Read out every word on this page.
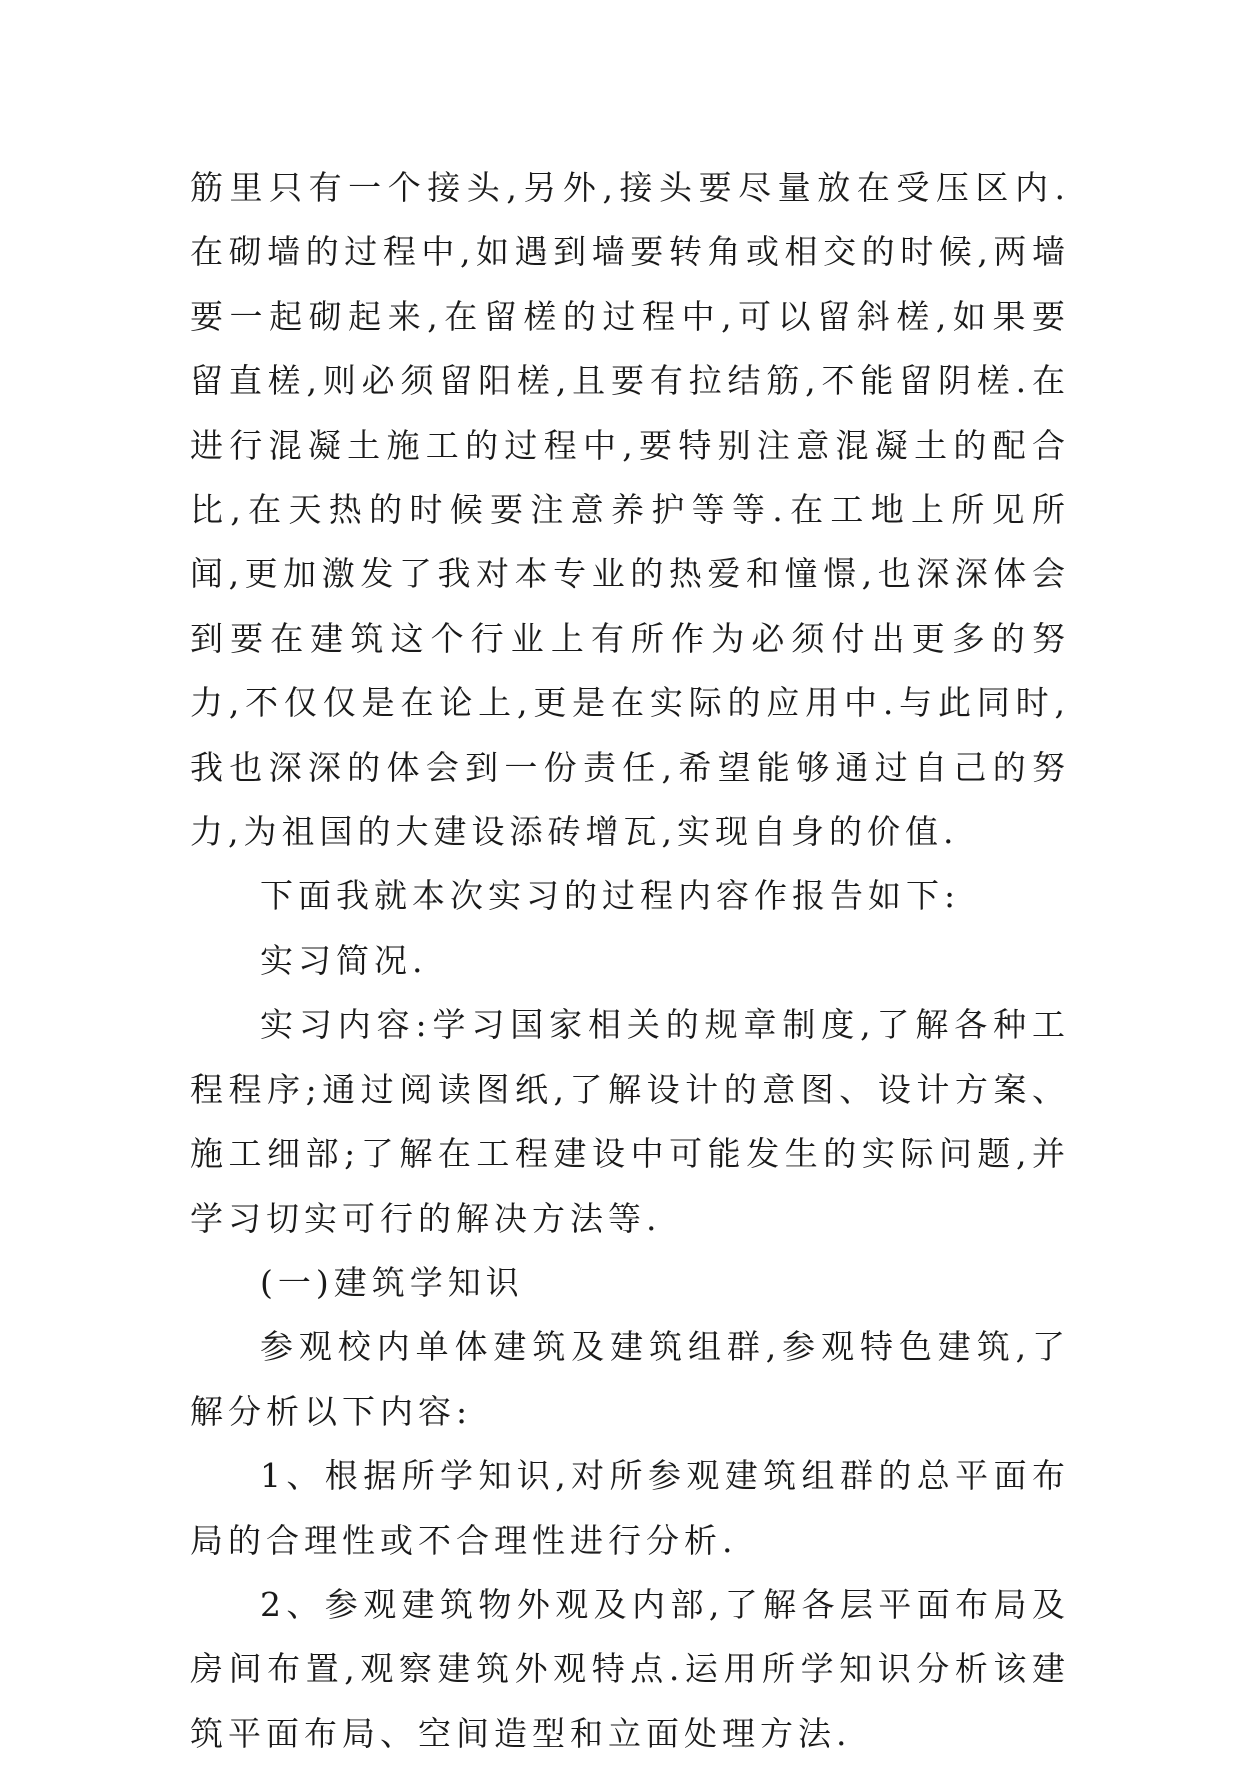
筋里只有一个接头,另外,接头要尽量放在受压区内.在砌墙的过程中,如遇到墙要转角或相交的时候,两墙要一起砌起来,在留槎的过程中,可以留斜槎,如果要留直槎,则必须留阳槎,且要有拉结筋,不能留阴槎.在进行混凝土施工的过程中,要特别注意混凝土的配合比,在天热的时候要注意养护等等.在工地上所见所闻,更加激发了我对本专业的热爱和憧憬,也深深体会到要在建筑这个行业上有所作为必须付出更多的努力,不仅仅是在论上,更是在实际的应用中.与此同时,我也深深的体会到一份责任,希望能够通过自己的努力,为祖国的大建设添砖增瓦,实现自身的价值.

下面我就本次实习的过程内容作报告如下:

实习简况.

实习内容:学习国家相关的规章制度,了解各种工程程序;通过阅读图纸,了解设计的意图、设计方案、施工细部;了解在工程建设中可能发生的实际问题,并学习切实可行的解决方法等.

(一)建筑学知识

参观校内单体建筑及建筑组群,参观特色建筑,了解分析以下内容:

1、根据所学知识,对所参观建筑组群的总平面布局的合理性或不合理性进行分析.

2、参观建筑物外观及内部,了解各层平面布局及房间布置,观察建筑外观特点.运用所学知识分析该建筑平面布局、空间造型和立面处理方法.
